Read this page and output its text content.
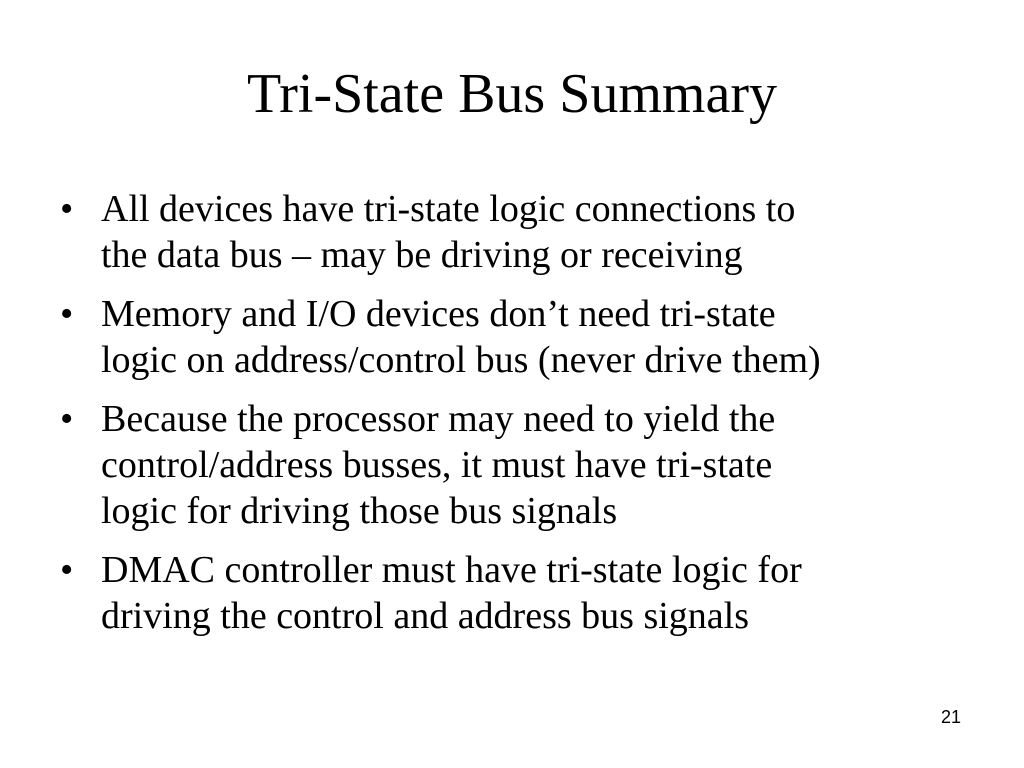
Tri-State Bus Summary
• All devices have tri-state logic connections to
the data bus – may be driving or receiving
• Memory and I/O devices don’t need tri-state
logic on address/control bus (never drive them)
• Because the processor may need to yield the
control/address busses, it must have tri-state
logic for driving those bus signals
• DMAC controller must have tri-state logic for
driving the control and address bus signals
21
